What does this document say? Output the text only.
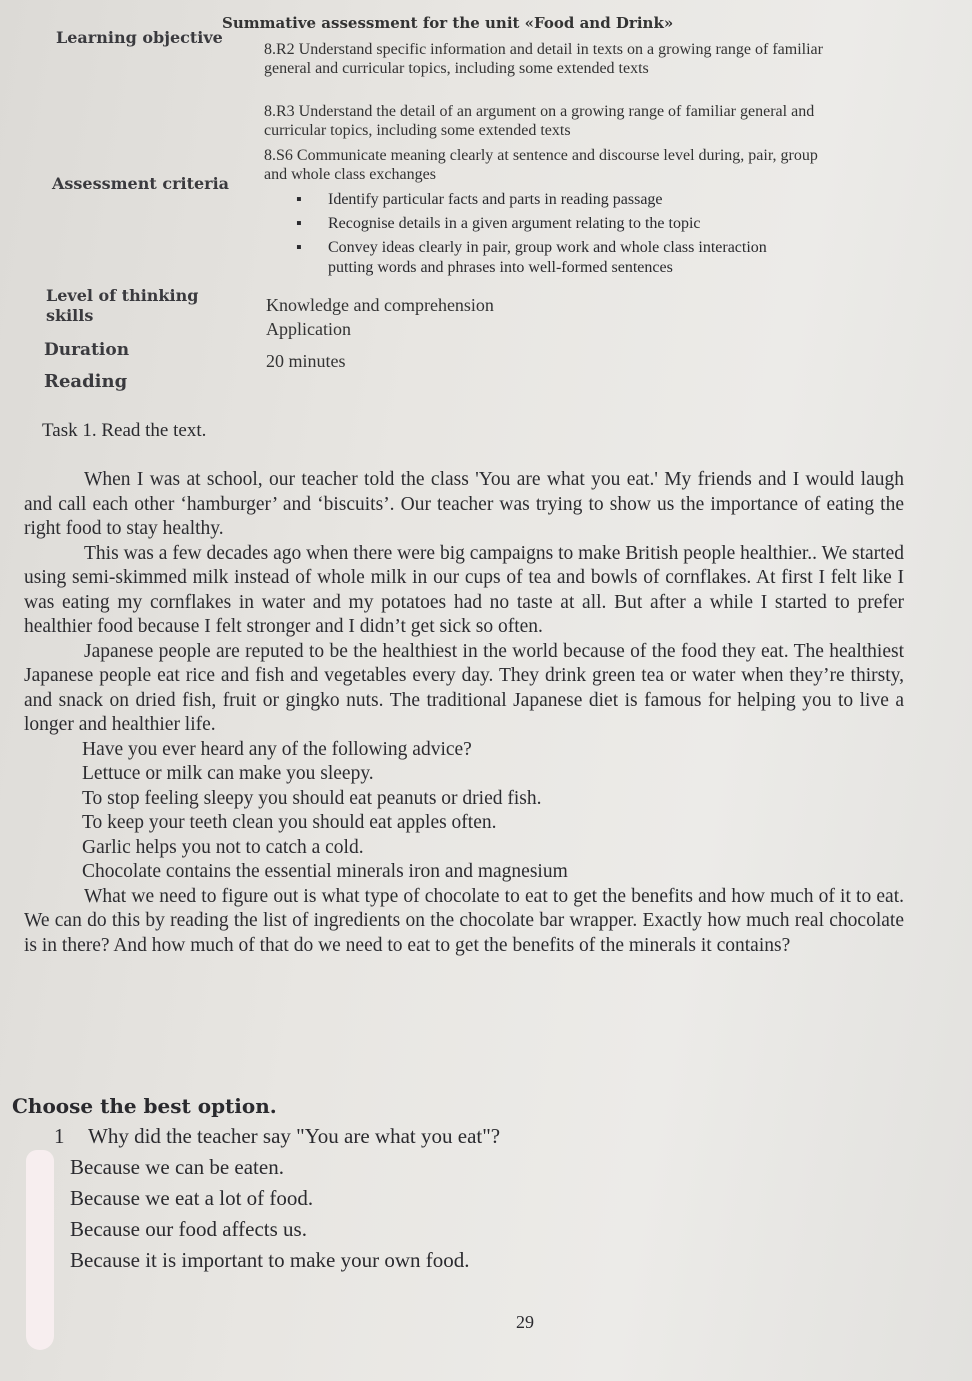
Summative assessment for the unit «Food and Drink»
Learning objective
8.R2 Understand specific information and detail in texts on a growing range of familiar general and curricular topics, including some extended texts
8.R3 Understand the detail of an argument on a growing range of familiar general and curricular topics, including some extended texts
8.S6 Communicate meaning clearly at sentence and discourse level during, pair, group and whole class exchanges
Assessment criteria
▪ Identify particular facts and parts in reading passage
▪ Recognise details in a given argument relating to the topic
▪ Convey ideas clearly in pair, group work and whole class interaction putting words and phrases into well-formed sentences
Level of thinking skills
Knowledge and comprehension
Application
Duration
20 minutes
Reading
Task 1. Read the text.

When I was at school, our teacher told the class 'You are what you eat.' My friends and I would laugh and call each other ‘hamburger’ and ‘biscuits’. Our teacher was trying to show us the importance of eating the right food to stay healthy.

This was a few decades ago when there were big campaigns to make British people healthier.. We started using semi-skimmed milk instead of whole milk in our cups of tea and bowls of cornflakes. At first I felt like I was eating my cornflakes in water and my potatoes had no taste at all. But after a while I started to prefer healthier food because I felt stronger and I didn’t get sick so often.

Japanese people are reputed to be the healthiest in the world because of the food they eat. The healthiest Japanese people eat rice and fish and vegetables every day. They drink green tea or water when they’re thirsty, and snack on dried fish, fruit or gingko nuts. The traditional Japanese diet is famous for helping you to live a longer and healthier life.

Have you ever heard any of the following advice?

Lettuce or milk can make you sleepy.

To stop feeling sleepy you should eat peanuts or dried fish.

To keep your teeth clean you should eat apples often.

Garlic helps you not to catch a cold.

Chocolate contains the essential minerals iron and magnesium

What we need to figure out is what type of chocolate to eat to get the benefits and how much of it to eat. We can do this by reading the list of ingredients on the chocolate bar wrapper. Exactly how much real chocolate is in there? And how much of that do we need to eat to get the benefits of the minerals it contains?

Choose the best option.
1 Why did the teacher say "You are what you eat"?
Because we can be eaten.
Because we eat a lot of food.
Because our food affects us.
Because it is important to make your own food.
29
